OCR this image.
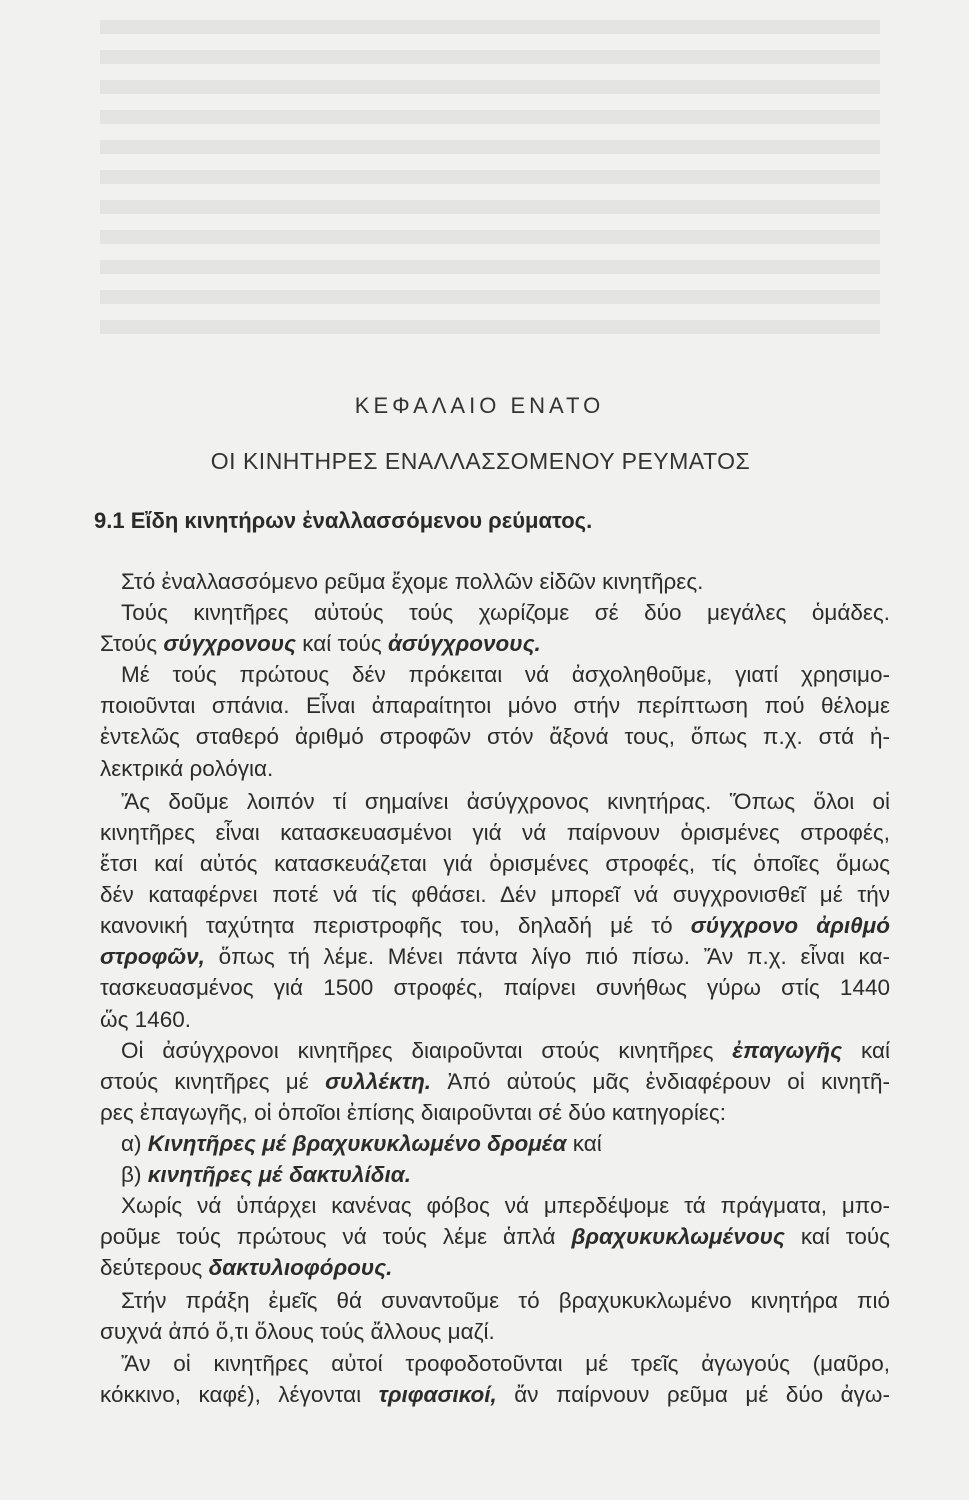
ΚΕΦΑΛΑΙΟ ΕΝΑΤΟ
ΟΙ ΚΙΝΗΤΗΡΕΣ ΕΝΑΛΛΑΣΣΟΜΕΝΟΥ ΡΕΥΜΑΤΟΣ
9.1 Εἴδη κινητήρων ἐναλλασσόμενου ρεύματος.
Στό ἐναλλασσόμενο ρεῦμα ἔχομε πολλῶν εἰδῶν κινητῆρες.
Τούς κινητῆρες αὐτούς τούς χωρίζομε σέ δύο μεγάλες ὁμάδες.
Στούς σύγχρονους καί τούς ἀσύγχρονους.
Μέ τούς πρώτους δέν πρόκειται νά ἀσχοληθοῦμε, γιατί χρησιμο-
ποιοῦνται σπάνια. Εἶναι ἀπαραίτητοι μόνο στήν περίπτωση πού θέλομε
ἐντελῶς σταθερό ἀριθμό στροφῶν στόν ἄξονά τους, ὅπως π.χ. στά ἠ-
λεκτρικά ρολόγια.
Ἄς δοῦμε λοιπόν τί σημαίνει ἀσύγχρονος κινητήρας. Ὅπως ὅλοι οἱ
κινητῆρες εἶναι κατασκευασμένοι γιά νά παίρνουν ὁρισμένες στροφές,
ἔτσι καί αὐτός κατασκευάζεται γιά ὁρισμένες στροφές, τίς ὁποῖες ὅμως
δέν καταφέρνει ποτέ νά τίς φθάσει. Δέν μπορεῖ νά συγχρονισθεῖ μέ τήν
κανονική ταχύτητα περιστροφῆς του, δηλαδή μέ τό σύγχρονο ἀριθμό
στροφῶν, ὅπως τή λέμε. Μένει πάντα λίγο πιό πίσω. Ἄν π.χ. εἶναι κα-
τασκευασμένος γιά 1500 στροφές, παίρνει συνήθως γύρω στίς 1440
ὥς 1460.
Οἱ ἀσύγχρονοι κινητῆρες διαιροῦνται στούς κινητῆρες ἐπαγωγῆς καί
στούς κινητῆρες μέ συλλέκτη. Ἀπό αὐτούς μᾶς ἐνδιαφέρουν οἱ κινητῆ-
ρες ἐπαγωγῆς, οἱ ὁποῖοι ἐπίσης διαιροῦνται σέ δύο κατηγορίες:
α) Κινητῆρες μέ βραχυκυκλωμένο δρομέα καί
β) κινητῆρες μέ δακτυλίδια.
Χωρίς νά ὑπάρχει κανένας φόβος νά μπερδέψομε τά πράγματα, μπο-
ροῦμε τούς πρώτους νά τούς λέμε ἁπλά βραχυκυκλωμένους καί τούς
δεύτερους δακτυλιοφόρους.
Στήν πράξη ἐμεῖς θά συναντοῦμε τό βραχυκυκλωμένο κινητήρα πιό
συχνά ἀπό ὅ,τι ὅλους τούς ἄλλους μαζί.
Ἄν οἱ κινητῆρες αὐτοί τροφοδοτοῦνται μέ τρεῖς ἀγωγούς (μαῦρο,
κόκκινο, καφέ), λέγονται τριφασικοί, ἄν παίρνουν ρεῦμα μέ δύο ἀγω-
